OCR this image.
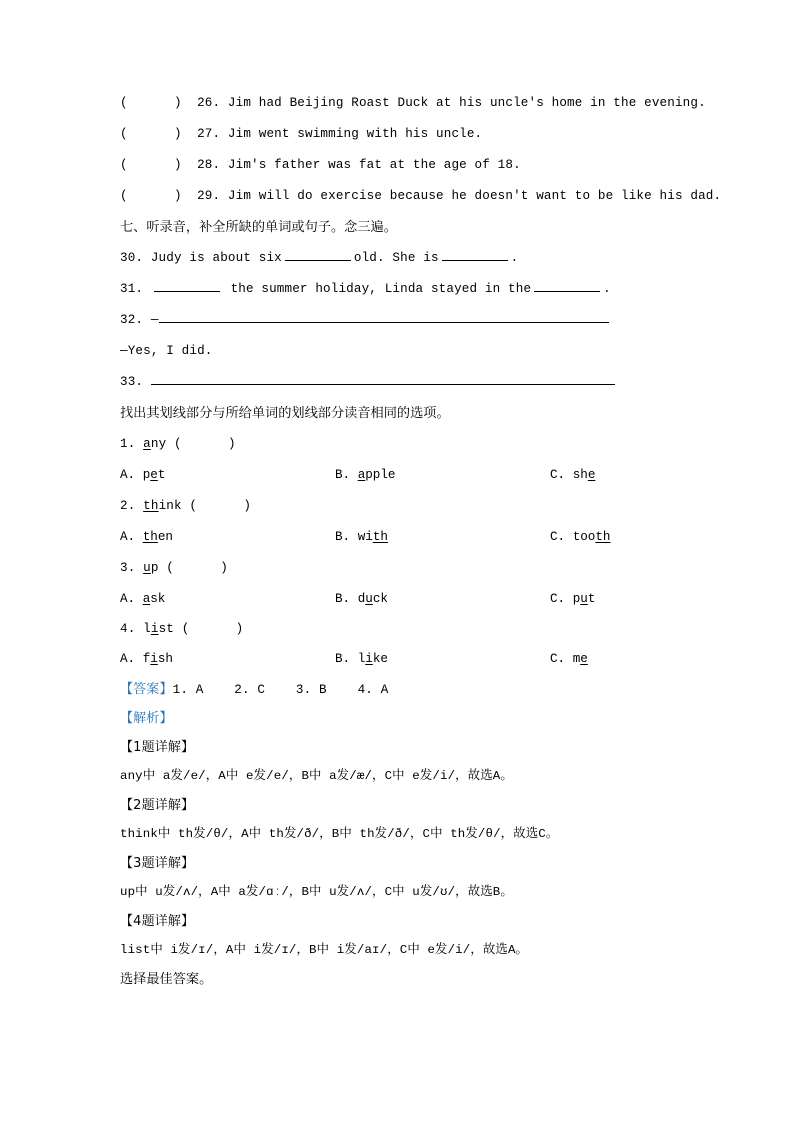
(      )  26. Jim had Beijing Roast Duck at his uncle's home in the evening.
(      )  27. Jim went swimming with his uncle.
(      )  28. Jim's father was fat at the age of 18.
(      )  29. Jim will do exercise because he doesn't want to be like his dad.
七、听录音，补全所缺的单词或句子。念三遍。
30. Judy is about six	old. She is	.
31.	the summer holiday, Linda stayed in the	.
32. —
—Yes, I did.
33.
找出其划线部分与所给单词的划线部分读音相同的选项。
1. any (      )

A. pet

	B. apple

	C. she

2. think (      )

A. then

	B. with

	C. tooth

3. up (      )

A. ask

	B. duck

	C. put

4. list (      )

A. fish

	B. like

	C. me

【答案】1. A    2. C    3. B    4. A
【解析】
【1题详解】
any中 a发/e/，A中 e发/e/，B中 a发/æ/，C中 e发/i/，故选A。
【2题详解】
think中 th发/θ/，A中 th发/ð/，B中 th发/ð/，C中 th发/θ/，故选C。
【3题详解】
up中 u发/ʌ/，A中 a发/ɑː/，B中 u发/ʌ/，C中 u发/ʊ/，故选B。
【4题详解】
list中 i发/ɪ/，A中 i发/ɪ/，B中 i发/aɪ/，C中 e发/i/，故选A。
选择最佳答案。
